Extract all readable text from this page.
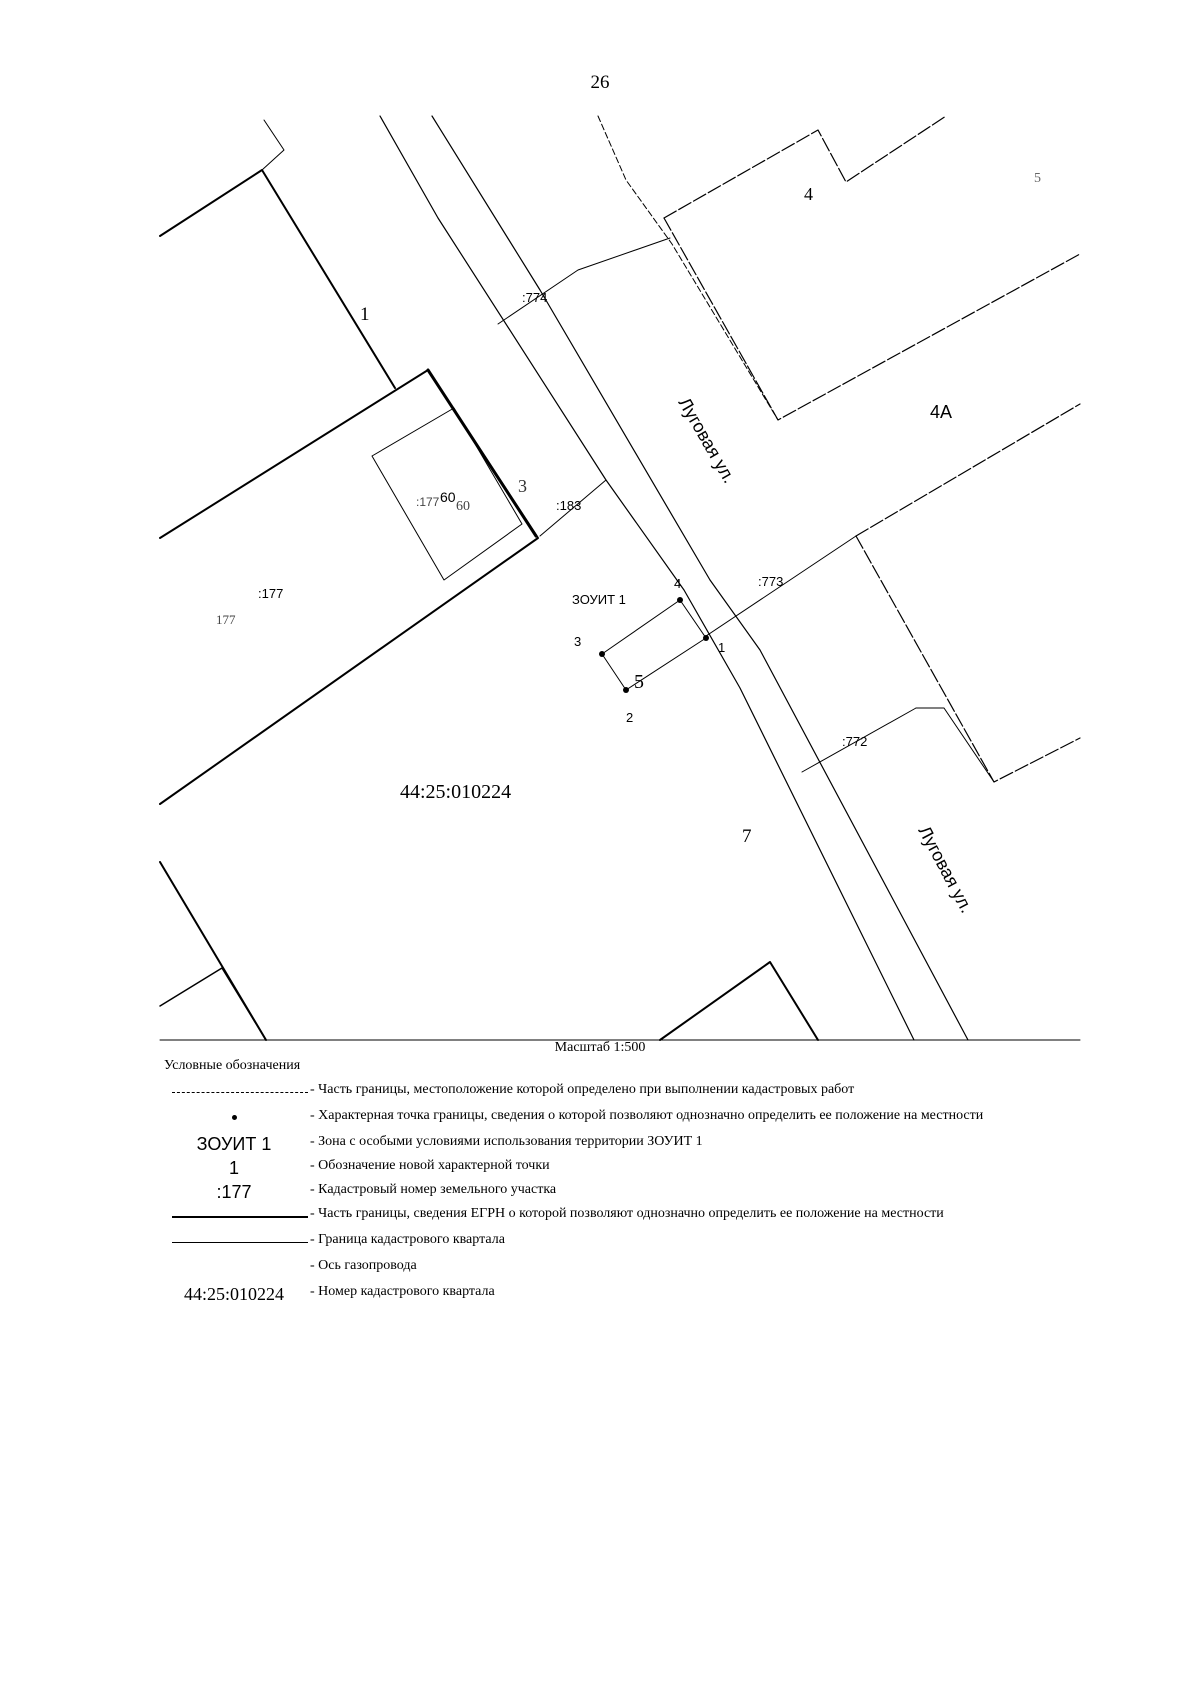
26
44:25:010224
ЗОУИТ 1
Луговая ул.
Луговая ул.
:774
:183
:773
:772
:177
177
:177 60
60
1
3
4
4А
5
7
5
1
2
3
4
Масштаб 1:500
Условные обозначения
- Часть границы, местоположение которой определено при выполнении кадастровых работ
- Характерная точка границы, сведения о которой позволяют однозначно определить ее положение на местности
ЗОУИТ 1	- Зона с особыми условиями использования территории ЗОУИТ 1
1	- Обозначение новой характерной точки
:177	- Кадастровый номер земельного участка
- Часть границы, сведения ЕГРН о которой позволяют однозначно определить ее положение на местности
- Граница кадастрового квартала
- Ось газопровода
44:25:010224	- Номер кадастрового квартала
